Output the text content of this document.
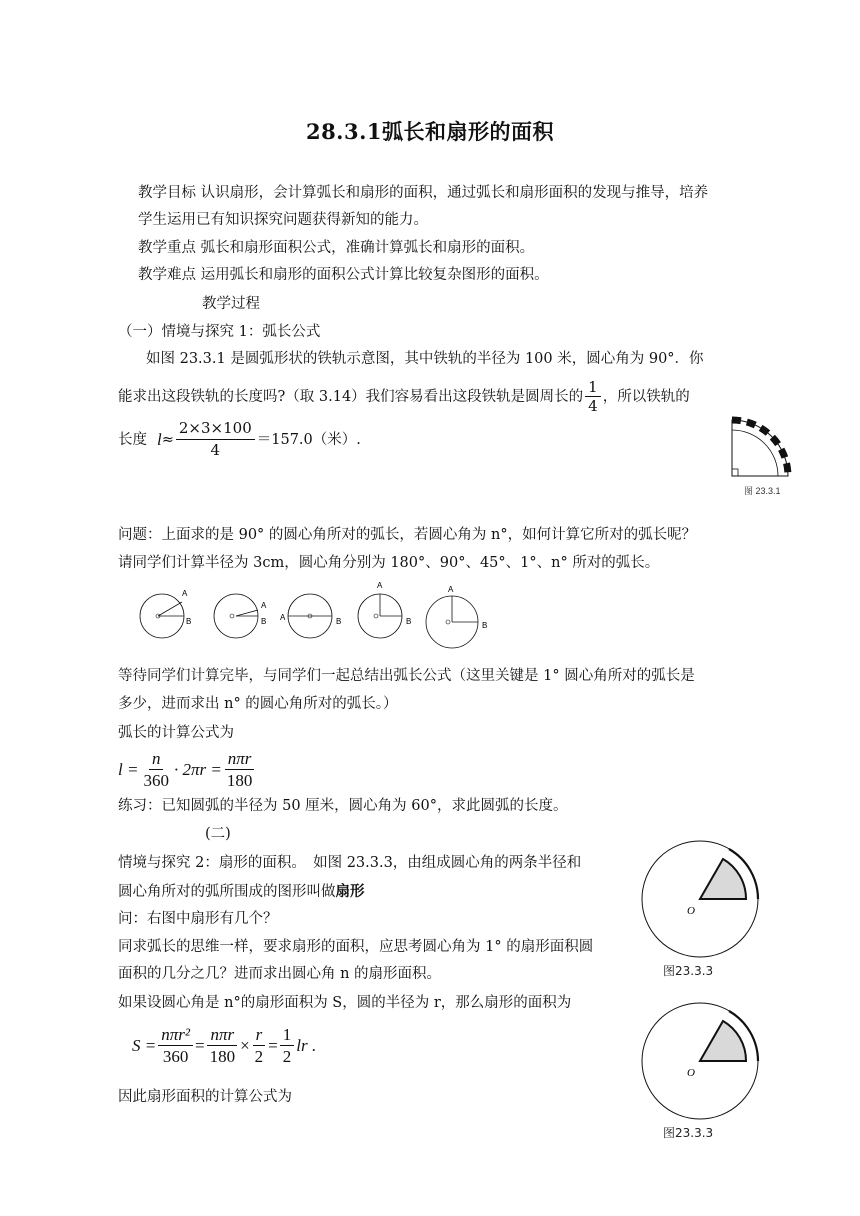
28.3.1弧长和扇形的面积
教学目标 认识扇形，会计算弧长和扇形的面积，通过弧长和扇形面积的发现与推导，培养
学生运用已有知识探究问题获得新知的能力。
教学重点 弧长和扇形面积公式，准确计算弧长和扇形的面积。
教学难点 运用弧长和扇形的面积公式计算比较复杂图形的面积。
教学过程
（一）情境与探究 1：弧长公式
如图 23.3.1 是圆弧形状的铁轨示意图，其中铁轨的半径为 100 米，圆心角为 90°．你
能求出这段铁轨的长度吗?（取 3.14）我们容易看出这段铁轨是圆周长的 $\frac{1}{4}$ ，所以铁轨的
长度 $l \approx \frac{2\times 3\times 100}{4} =157.0$（米）.
图 23.3.1
问题：上面求的是 90° 的圆心角所对的弧长，若圆心角为 n°，如何计算它所对的弧长呢？
请同学们计算半径为 3cm，圆心角分别为 180°、90°、45°、1°、n° 所对的弧长。
A
B
A
B A	B
A
B
A
B
等待同学们计算完毕，与同学们一起总结出弧长公式（这里关键是 1° 圆心角所对的弧长是
多少，进而求出 n° 的圆心角所对的弧长。）
弧长的计算公式为
$l = \frac{n}{360} \cdot 2\pi r = \frac{\text{nπr}}{180}$
练习：已知圆弧的半径为 50 厘米，圆心角为 60°，求此圆弧的长度。
(二)
情境与探究 2：扇形的面积。　如图 23.3.3，由组成圆心角的两条半径和
圆心角所对的弧所围成的图形叫做扇形
问：右图中扇形有几个？
同求弧长的思维一样，要求扇形的面积，应思考圆心角为 1° 的扇形面积圆
面积的几分之几？进而求出圆心角 n 的扇形面积。
如果设圆心角是 n°的扇形面积为 S，圆的半径为 r，那么扇形的面积为
$S = \frac{\text{nπr²}}{360} = \frac{\text{nπr}}{180} \times \frac{r}{2} = \frac{1}{2}$ lr .
因此扇形面积的计算公式为
O
图23.3.3
O
图23.3.3
